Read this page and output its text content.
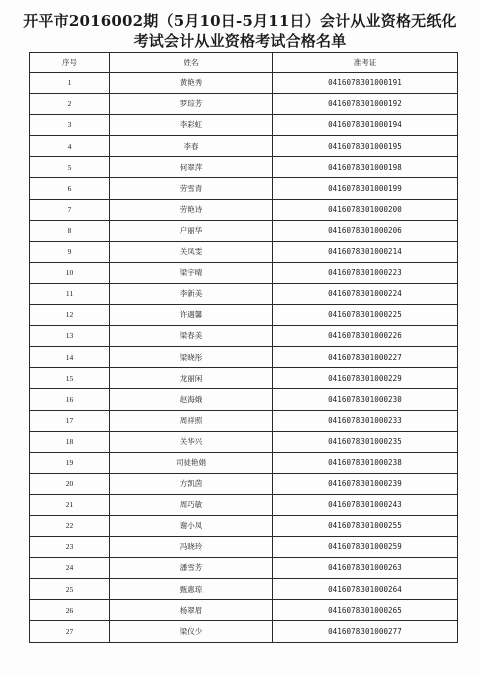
开平市2016002期（5月10日-5月11日）会计从业资格无纸化
考试会计从业资格考试合格名单
序号	姓名	准考证
1	黄艳秀	0416078301000191
2	罗琮芳	0416078301000192
3	李彩虹	0416078301000194
4	李春	0416078301000195
5	何翠萍	0416078301000198
6	劳雪青	0416078301000199
7	劳艳诗	0416078301000200
8	户丽华	0416078301000206
9	关凤雯	0416078301000214
10	梁宇晴	0416078301000223
11	李新美	0416078301000224
12	许遇馨	0416078301000225
13	梁春美	0416078301000226
14	梁晓彤	0416078301000227
15	龙丽闲	0416078301000229
16	赵海娥	0416078301000230
17	周祥照	0416078301000233
18	关华兴	0416078301000235
19	司徒艳娟	0416078301000238
20	方凯茵	0416078301000239
21	周巧敏	0416078301000243
22	谢小凤	0416078301000255
23	冯晓玲	0416078301000259
24	潘雪芳	0416078301000263
25	甄惠琼	0416078301000264
26	杨翠眉	0416078301000265
27	梁仪少	0416078301000277
